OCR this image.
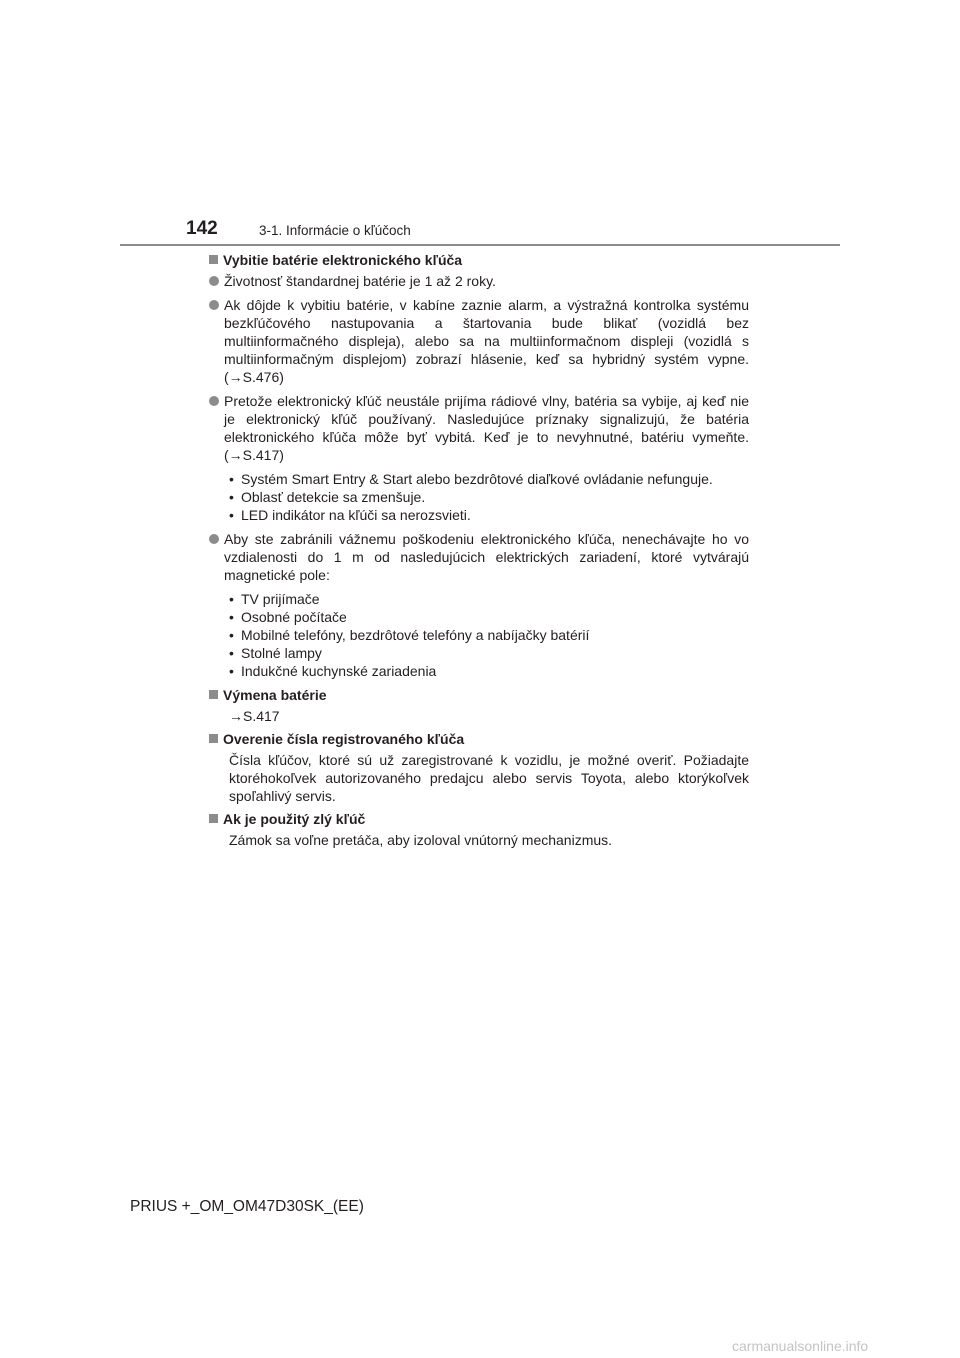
142	3-1. Informácie o kľúčoch
Vybitie batérie elektronického kľúča
Životnosť štandardnej batérie je 1 až 2 roky.
Ak dôjde k vybitiu batérie, v kabíne zaznie alarm, a výstražná kontrolka systému bezkľúčového nastupovania a štartovania bude blikať (vozidlá bez multiinformačného displeja), alebo sa na multiinformačnom displeji (vozidlá s multiinformačným displejom) zobrazí hlásenie, keď sa hybridný systém vypne. (→S.476)
Pretože elektronický kľúč neustále prijíma rádiové vlny, batéria sa vybije, aj keď nie je elektronický kľúč používaný. Nasledujúce príznaky signalizujú, že batéria elektronického kľúča môže byť vybitá. Keď je to nevyhnutné, batériu vymeňte. (→S.417)
• Systém Smart Entry & Start alebo bezdrôtové diaľkové ovládanie nefunguje.
• Oblasť detekcie sa zmenšuje.
• LED indikátor na kľúči sa nerozsvieti.
Aby ste zabránili vážnemu poškodeniu elektronického kľúča, nenechávajte ho vo vzdialenosti do 1 m od nasledujúcich elektrických zariadení, ktoré vytvárajú magnetické pole:
• TV prijímače
• Osobné počítače
• Mobilné telefóny, bezdrôtové telefóny a nabíjačky batérií
• Stolné lampy
• Indukčné kuchynské zariadenia
Výmena batérie
→S.417
Overenie čísla registrovaného kľúča
Čísla kľúčov, ktoré sú už zaregistrované k vozidlu, je možné overiť. Požiadajte ktoréhokoľvek autorizovaného predajcu alebo servis Toyota, alebo ktorýkoľvek spoľahlivý servis.
Ak je použitý zlý kľúč
Zámok sa voľne pretáča, aby izoloval vnútorný mechanizmus.
PRIUS +_OM_OM47D30SK_(EE)
carmanualsonline.info
